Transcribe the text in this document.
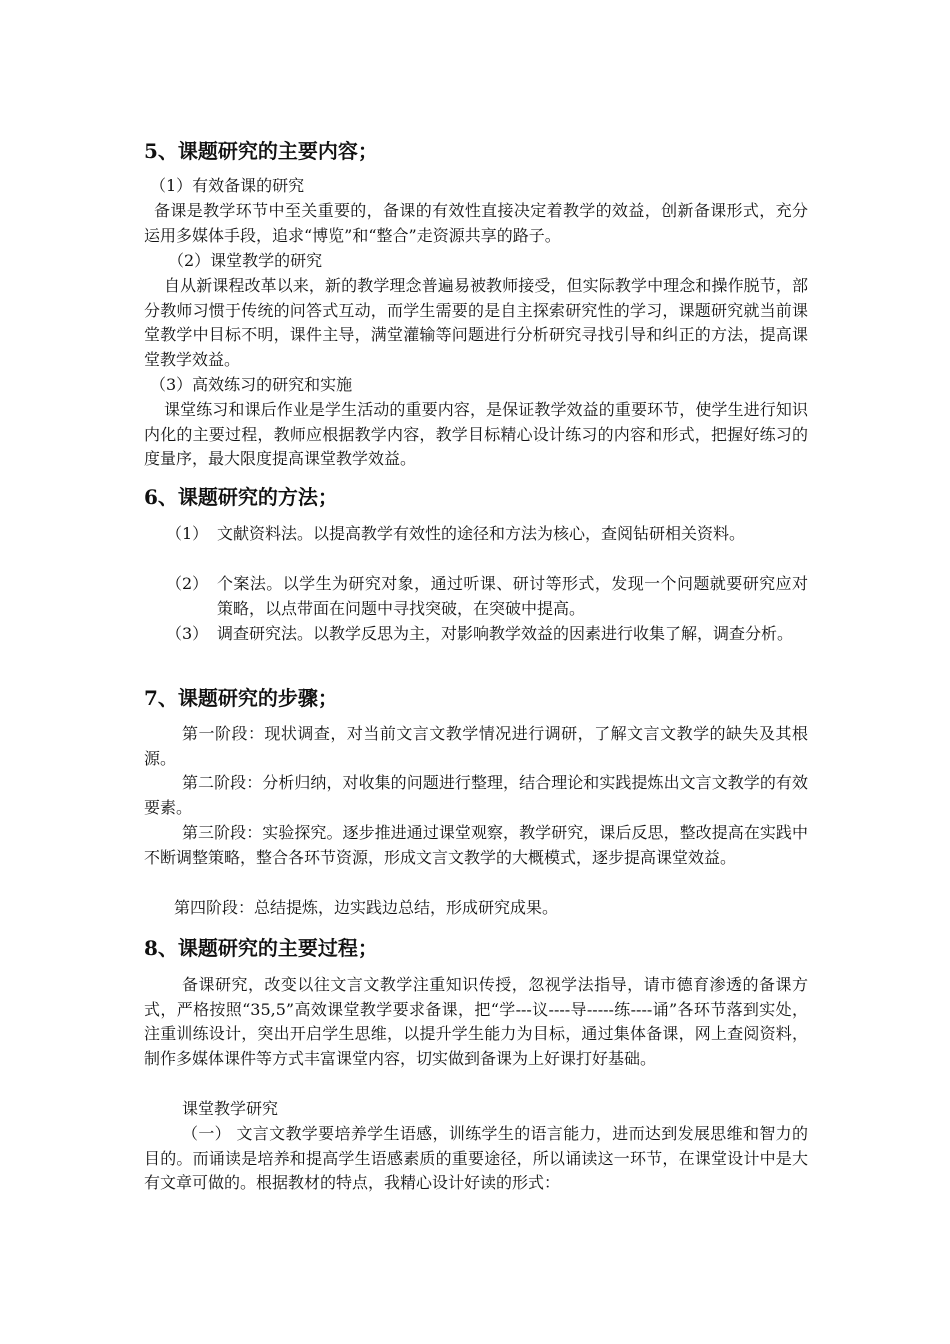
5、课题研究的主要内容；

（1）有效备课的研究

备课是教学环节中至关重要的，备课的有效性直接决定着教学的效益，创新备课形式，充分运用多媒体手段，追求“博览”和“整合”走资源共享的路子。

（2）课堂教学的研究

自从新课程改革以来，新的教学理念普遍易被教师接受，但实际教学中理念和操作脱节，部分教师习惯于传统的问答式互动，而学生需要的是自主探索研究性的学习，课题研究就当前课堂教学中目标不明，课件主导，满堂灌输等问题进行分析研究寻找引导和纠正的方法，提高课堂教学效益。

（3）高效练习的研究和实施

课堂练习和课后作业是学生活动的重要内容，是保证教学效益的重要环节，使学生进行知识内化的主要过程，教师应根据教学内容，教学目标精心设计练习的内容和形式，把握好练习的度量序，最大限度提高课堂教学效益。

6、课题研究的方法；
（1） 文献资料法。以提高教学有效性的途径和方法为核心，查阅钻研相关资料。
（2） 个案法。以学生为研究对象，通过听课、研讨等形式，发现一个问题就要研究应对策略，以点带面在问题中寻找突破，在突破中提高。
（3） 调查研究法。以教学反思为主，对影响教学效益的因素进行收集了解，调查分析。
7、课题研究的步骤；

第一阶段：现状调查，对当前文言文教学情况进行调研，了解文言文教学的缺失及其根源。

第二阶段：分析归纳，对收集的问题进行整理，结合理论和实践提炼出文言文教学的有效要素。

第三阶段：实验探究。逐步推进通过课堂观察，教学研究，课后反思，整改提高在实践中不断调整策略，整合各环节资源，形成文言文教学的大概模式，逐步提高课堂效益。

第四阶段：总结提炼，边实践边总结，形成研究成果。

8、课题研究的主要过程；

备课研究，改变以往文言文教学注重知识传授，忽视学法指导，请市德育渗透的备课方式，严格按照“35,5”高效课堂教学要求备课，把“学---议----导-----练----诵”各环节落到实处，注重训练设计，突出开启学生思维，以提升学生能力为目标，通过集体备课，网上查阅资料，制作多媒体课件等方式丰富课堂内容，切实做到备课为上好课打好基础。

课堂教学研究

（一） 文言文教学要培养学生语感，训练学生的语言能力，进而达到发展思维和智力的目的。而诵读是培养和提高学生语感素质的重要途径，所以诵读这一环节，在课堂设计中是大有文章可做的。根据教材的特点，我精心设计好读的形式：
